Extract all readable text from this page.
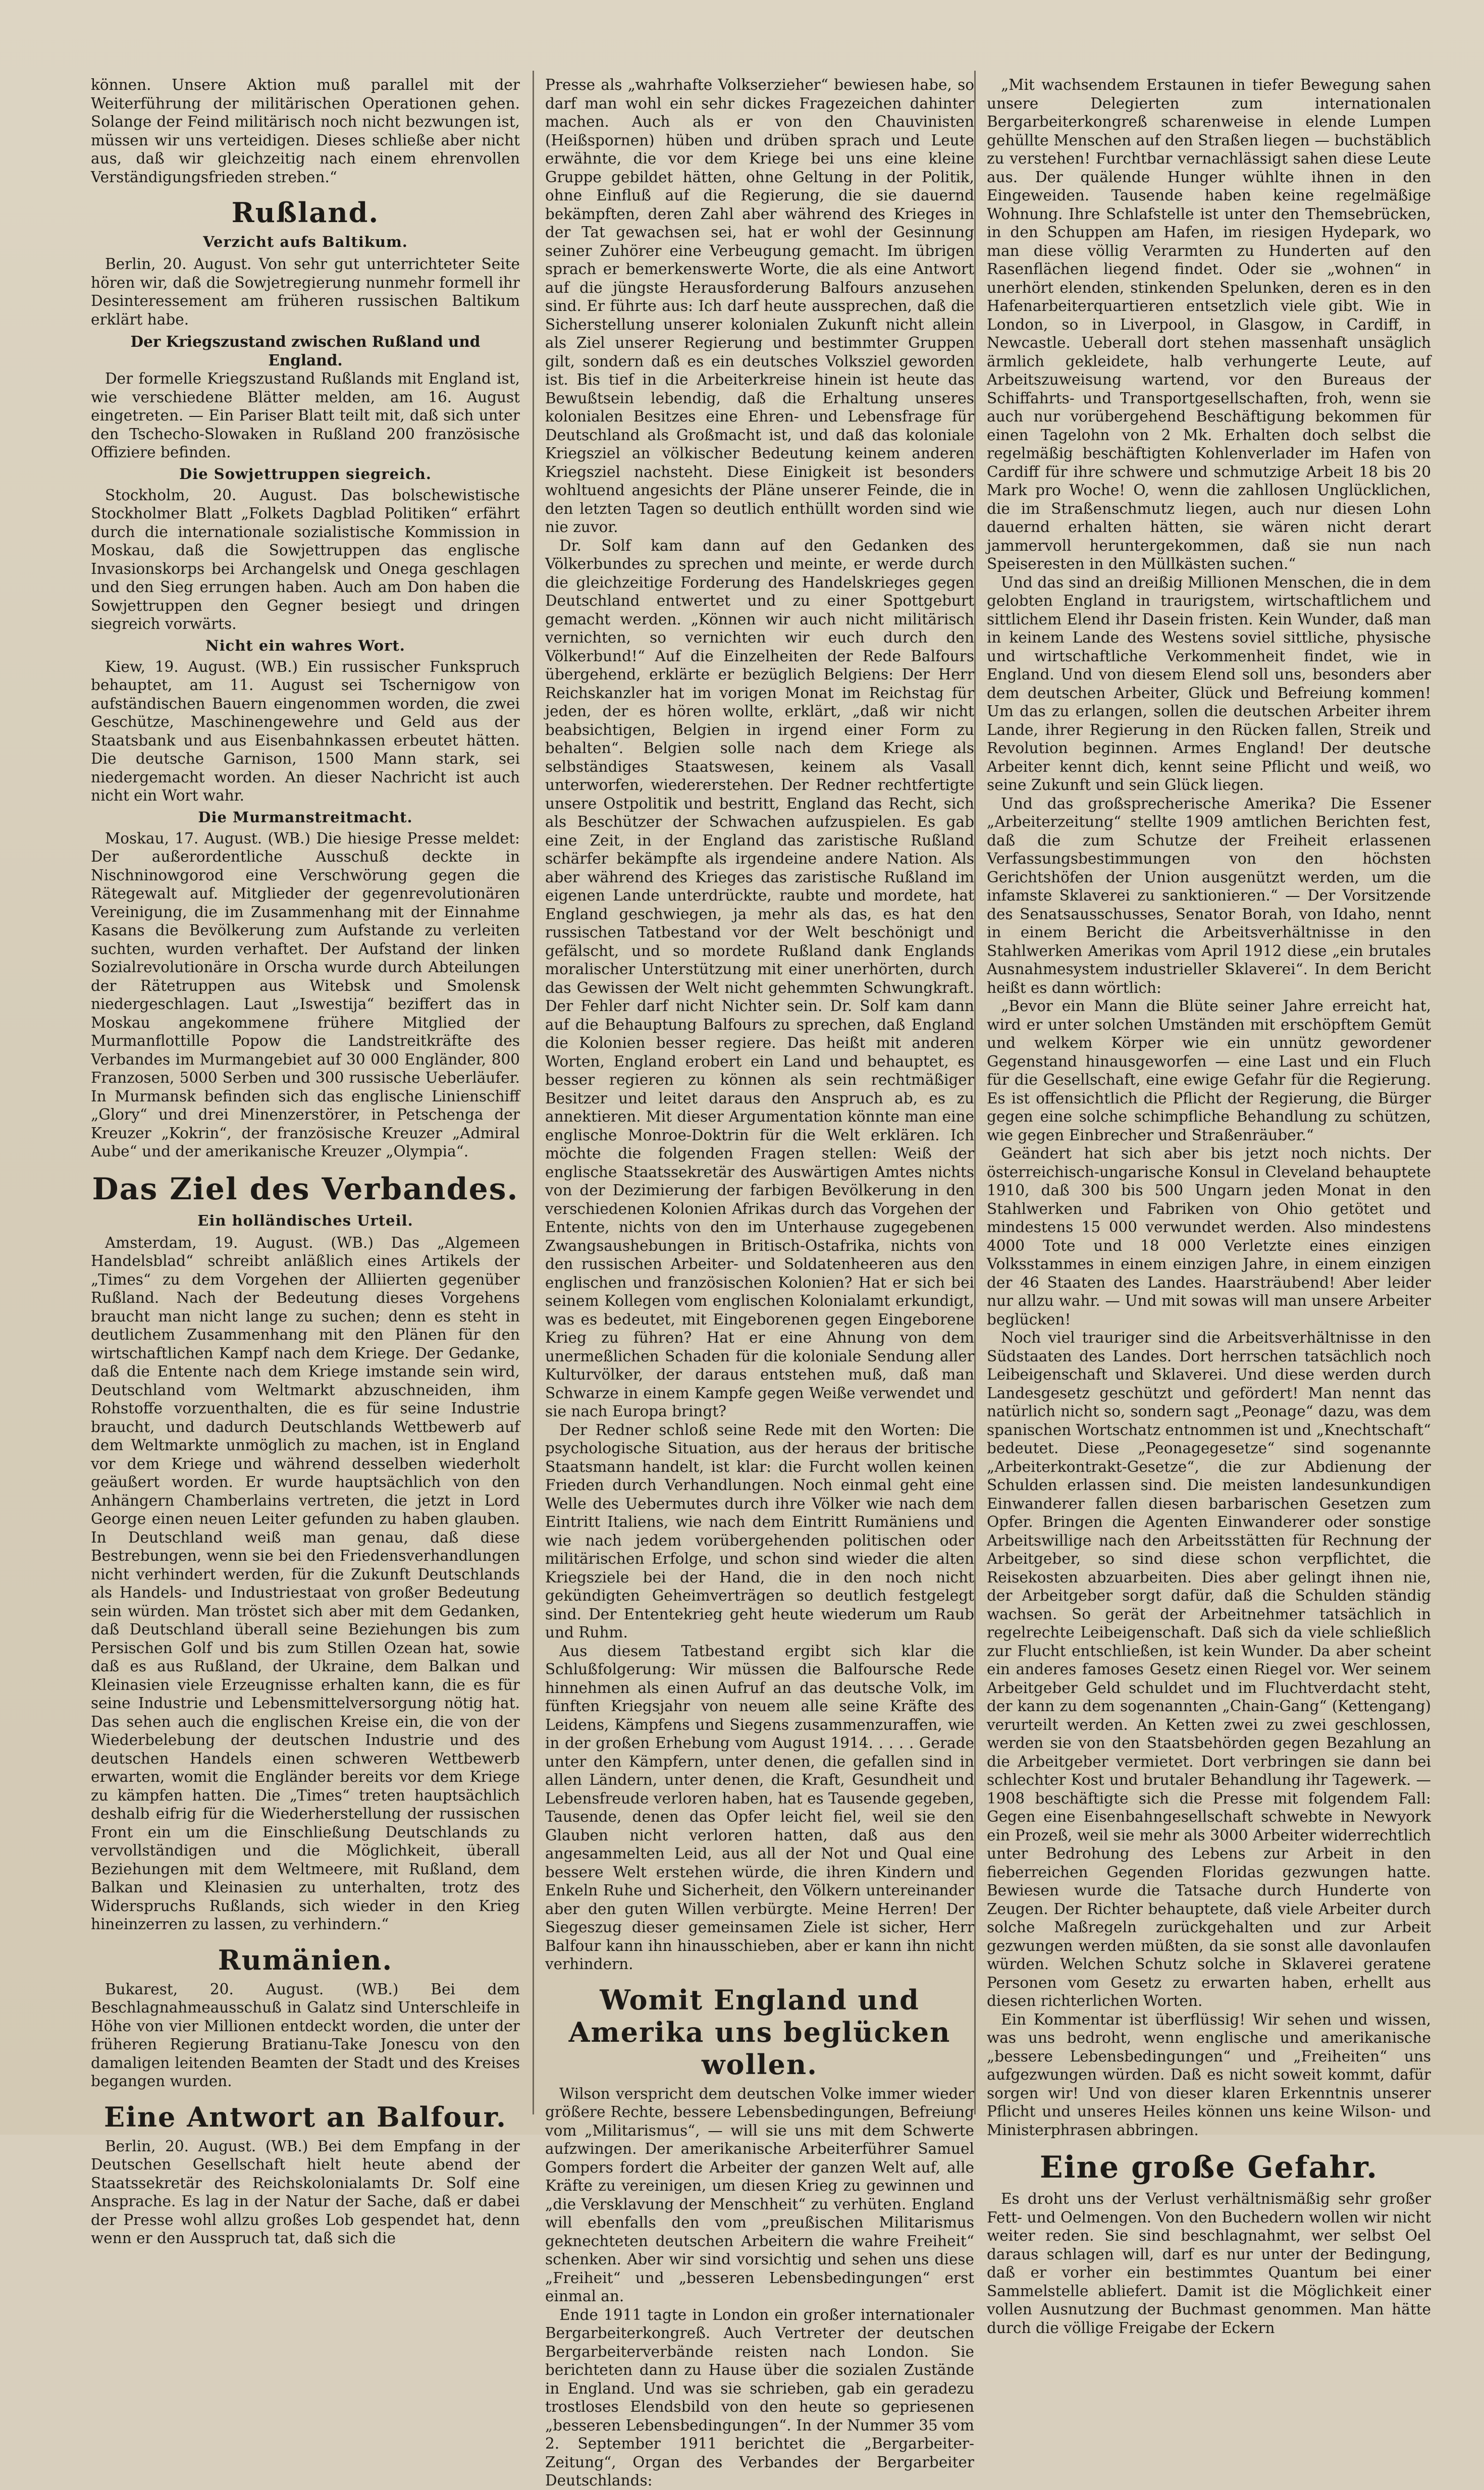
können. Unsere Aktion muß parallel mit der Weiterführung der militärischen Operationen gehen. Solange der Feind militärisch noch nicht bezwungen ist, müssen wir uns verteidigen. Dieses schließe aber nicht aus, daß wir gleichzeitig nach einem ehrenvollen Verständigungsfrieden streben.“

Rußland.
Verzicht aufs Baltikum.

Berlin, 20. August. Von sehr gut unterrichteter Seite hören wir, daß die Sowjetregierung nunmehr formell ihr Desinteressement am früheren russischen Baltikum erklärt habe.

Der Kriegszustand zwischen Rußland und England.

Der formelle Kriegszustand Rußlands mit England ist, wie verschiedene Blätter melden, am 16. August eingetreten. — Ein Pariser Blatt teilt mit, daß sich unter den Tschecho-Slowaken in Rußland 200 französische Offiziere befinden.

Die Sowjettruppen siegreich.

Stockholm, 20. August. Das bolschewistische Stockholmer Blatt „Folkets Dagblad Politiken“ erfährt durch die internationale sozialistische Kommission in Moskau, daß die Sowjettruppen das englische Invasionskorps bei Archangelsk und Onega geschlagen und den Sieg errungen haben. Auch am Don haben die Sowjettruppen den Gegner besiegt und dringen siegreich vorwärts.

Nicht ein wahres Wort.

Kiew, 19. August. (WB.) Ein russischer Funkspruch behauptet, am 11. August sei Tschernigow von aufständischen Bauern eingenommen worden, die zwei Geschütze, Maschinengewehre und Geld aus der Staatsbank und aus Eisenbahnkassen erbeutet hätten. Die deutsche Garnison, 1500 Mann stark, sei niedergemacht worden. An dieser Nachricht ist auch nicht ein Wort wahr.

Die Murmanstreitmacht.

Moskau, 17. August. (WB.) Die hiesige Presse meldet: Der außerordentliche Ausschuß deckte in Nischninowgorod eine Verschwörung gegen die Rätegewalt auf. Mitglieder der gegenrevolutionären Vereinigung, die im Zusammenhang mit der Einnahme Kasans die Bevölkerung zum Aufstande zu verleiten suchten, wurden verhaftet. Der Aufstand der linken Sozialrevolutionäre in Orscha wurde durch Abteilungen der Rätetruppen aus Witebsk und Smolensk niedergeschlagen. Laut „Iswestija“ beziffert das in Moskau angekommene frühere Mitglied der Murmanflottille Popow die Landstreitkräfte des Verbandes im Murmangebiet auf 30 000 Engländer, 800 Franzosen, 5000 Serben und 300 russische Ueberläufer. In Murmansk befinden sich das englische Linienschiff „Glory“ und drei Minenzerstörer, in Petschenga der Kreuzer „Kokrin“, der französische Kreuzer „Admiral Aube“ und der amerikanische Kreuzer „Olympia“.

Das Ziel des Verbandes.
Ein holländisches Urteil.

Amsterdam, 19. August. (WB.) Das „Algemeen Handelsblad“ schreibt anläßlich eines Artikels der „Times“ zu dem Vorgehen der Alliierten gegenüber Rußland. Nach der Bedeutung dieses Vorgehens braucht man nicht lange zu suchen; denn es steht in deutlichem Zusammenhang mit den Plänen für den wirtschaftlichen Kampf nach dem Kriege. Der Gedanke, daß die Entente nach dem Kriege imstande sein wird, Deutschland vom Weltmarkt abzuschneiden, ihm Rohstoffe vorzuenthalten, die es für seine Industrie braucht, und dadurch Deutschlands Wettbewerb auf dem Weltmarkte unmöglich zu machen, ist in England vor dem Kriege und während desselben wiederholt geäußert worden. Er wurde hauptsächlich von den Anhängern Chamberlains vertreten, die jetzt in Lord George einen neuen Leiter gefunden zu haben glauben. In Deutschland weiß man genau, daß diese Bestrebungen, wenn sie bei den Friedensverhandlungen nicht verhindert werden, für die Zukunft Deutschlands als Handels- und Industriestaat von großer Bedeutung sein würden. Man tröstet sich aber mit dem Gedanken, daß Deutschland überall seine Beziehungen bis zum Persischen Golf und bis zum Stillen Ozean hat, sowie daß es aus Rußland, der Ukraine, dem Balkan und Kleinasien viele Erzeugnisse erhalten kann, die es für seine Industrie und Lebensmittelversorgung nötig hat. Das sehen auch die englischen Kreise ein, die von der Wiederbelebung der deutschen Industrie und des deutschen Handels einen schweren Wettbewerb erwarten, womit die Engländer bereits vor dem Kriege zu kämpfen hatten. Die „Times“ treten hauptsächlich deshalb eifrig für die Wiederherstellung der russischen Front ein um die Einschließung Deutschlands zu vervollständigen und die Möglichkeit, überall Beziehungen mit dem Weltmeere, mit Rußland, dem Balkan und Kleinasien zu unterhalten, trotz des Widerspruchs Rußlands, sich wieder in den Krieg hineinzerren zu lassen, zu verhindern.“

Rumänien.

Bukarest, 20. August. (WB.) Bei dem Beschlagnahmeausschuß in Galatz sind Unterschleife in Höhe von vier Millionen entdeckt worden, die unter der früheren Regierung Bratianu-Take Jonescu von den damaligen leitenden Beamten der Stadt und des Kreises begangen wurden.

Eine Antwort an Balfour.

Berlin, 20. August. (WB.) Bei dem Empfang in der Deutschen Gesellschaft hielt heute abend der Staatssekretär des Reichskolonialamts Dr. Solf eine Ansprache. Es lag in der Natur der Sache, daß er dabei der Presse wohl allzu großes Lob gespendet hat, denn wenn er den Ausspruch tat, daß sich die

Presse als „wahrhafte Volkserzieher“ bewiesen habe, so darf man wohl ein sehr dickes Fragezeichen dahinter machen. Auch als er von den Chauvinisten (Heißspornen) hüben und drüben sprach und Leute erwähnte, die vor dem Kriege bei uns eine kleine Gruppe gebildet hätten, ohne Geltung in der Politik, ohne Einfluß auf die Regierung, die sie dauernd bekämpften, deren Zahl aber während des Krieges in der Tat gewachsen sei, hat er wohl der Gesinnung seiner Zuhörer eine Verbeugung gemacht. Im übrigen sprach er bemerkenswerte Worte, die als eine Antwort auf die jüngste Herausforderung Balfours anzusehen sind. Er führte aus: Ich darf heute aussprechen, daß die Sicherstellung unserer kolonialen Zukunft nicht allein als Ziel unserer Regierung und bestimmter Gruppen gilt, sondern daß es ein deutsches Volksziel geworden ist. Bis tief in die Arbeiterkreise hinein ist heute das Bewußtsein lebendig, daß die Erhaltung unseres kolonialen Besitzes eine Ehren- und Lebensfrage für Deutschland als Großmacht ist, und daß das koloniale Kriegsziel an völkischer Bedeutung keinem anderen Kriegsziel nachsteht. Diese Einigkeit ist besonders wohltuend angesichts der Pläne unserer Feinde, die in den letzten Tagen so deutlich enthüllt worden sind wie nie zuvor.

Dr. Solf kam dann auf den Gedanken des Völkerbundes zu sprechen und meinte, er werde durch die gleichzeitige Forderung des Handelskrieges gegen Deutschland entwertet und zu einer Spottgeburt gemacht werden. „Können wir auch nicht militärisch vernichten, so vernichten wir euch durch den Völkerbund!“ Auf die Einzelheiten der Rede Balfours übergehend, erklärte er bezüglich Belgiens: Der Herr Reichskanzler hat im vorigen Monat im Reichstag für jeden, der es hören wollte, erklärt, „daß wir nicht beabsichtigen, Belgien in irgend einer Form zu behalten“. Belgien solle nach dem Kriege als selbständiges Staatswesen, keinem als Vasall unterworfen, wiedererstehen. Der Redner rechtfertigte unsere Ostpolitik und bestritt, England das Recht, sich als Beschützer der Schwachen aufzuspielen. Es gab eine Zeit, in der England das zaristische Rußland schärfer bekämpfte als irgendeine andere Nation. Als aber während des Krieges das zaristische Rußland im eigenen Lande unterdrückte, raubte und mordete, hat England geschwiegen, ja mehr als das, es hat den russischen Tatbestand vor der Welt beschönigt und gefälscht, und so mordete Rußland dank Englands moralischer Unterstützung mit einer unerhörten, durch das Gewissen der Welt nicht gehemmten Schwungkraft. Der Fehler darf nicht Nichter sein. Dr. Solf kam dann auf die Behauptung Balfours zu sprechen, daß England die Kolonien besser regiere. Das heißt mit anderen Worten, England erobert ein Land und behauptet, es besser regieren zu können als sein rechtmäßiger Besitzer und leitet daraus den Anspruch ab, es zu annektieren. Mit dieser Argumentation könnte man eine englische Monroe-Doktrin für die Welt erklären. Ich möchte die folgenden Fragen stellen: Weiß der englische Staatssekretär des Auswärtigen Amtes nichts von der Dezimierung der farbigen Bevölkerung in den verschiedenen Kolonien Afrikas durch das Vorgehen der Entente, nichts von den im Unterhause zugegebenen Zwangsaushebungen in Britisch-Ostafrika, nichts von den russischen Arbeiter- und Soldatenheeren aus den englischen und französischen Kolonien? Hat er sich bei seinem Kollegen vom englischen Kolonialamt erkundigt, was es bedeutet, mit Eingeborenen gegen Eingeborene Krieg zu führen? Hat er eine Ahnung von dem unermeßlichen Schaden für die koloniale Sendung aller Kulturvölker, der daraus entstehen muß, daß man Schwarze in einem Kampfe gegen Weiße verwendet und sie nach Europa bringt?

Der Redner schloß seine Rede mit den Worten: Die psychologische Situation, aus der heraus der britische Staatsmann handelt, ist klar: die Furcht wollen keinen Frieden durch Verhandlungen. Noch einmal geht eine Welle des Uebermutes durch ihre Völker wie nach dem Eintritt Italiens, wie nach dem Eintritt Rumäniens und wie nach jedem vorübergehenden politischen oder militärischen Erfolge, und schon sind wieder die alten Kriegsziele bei der Hand, die in den noch nicht gekündigten Geheimverträgen so deutlich festgelegt sind. Der Ententekrieg geht heute wiederum um Raub und Ruhm.

Aus diesem Tatbestand ergibt sich klar die Schlußfolgerung: Wir müssen die Balfoursche Rede hinnehmen als einen Aufruf an das deutsche Volk, im fünften Kriegsjahr von neuem alle seine Kräfte des Leidens, Kämpfens und Siegens zusammenzuraffen, wie in der großen Erhebung vom August 1914. . . . . Gerade unter den Kämpfern, unter denen, die gefallen sind in allen Ländern, unter denen, die Kraft, Gesundheit und Lebensfreude verloren haben, hat es Tausende gegeben, Tausende, denen das Opfer leicht fiel, weil sie den Glauben nicht verloren hatten, daß aus den angesammelten Leid, aus all der Not und Qual eine bessere Welt erstehen würde, die ihren Kindern und Enkeln Ruhe und Sicherheit, den Völkern untereinander aber den guten Willen verbürgte. Meine Herren! Der Siegeszug dieser gemeinsamen Ziele ist sicher, Herr Balfour kann ihn hinausschieben, aber er kann ihn nicht verhindern.

Womit England und Amerika uns beglücken wollen.

Wilson verspricht dem deutschen Volke immer wieder größere Rechte, bessere Lebensbedingungen, Befreiung vom „Militarismus“, — will sie uns mit dem Schwerte aufzwingen. Der amerikanische Arbeiterführer Samuel Gompers fordert die Arbeiter der ganzen Welt auf, alle Kräfte zu vereinigen, um diesen Krieg zu gewinnen und „die Versklavung der Menschheit“ zu verhüten. England will ebenfalls den vom „preußischen Militarismus geknechteten deutschen Arbeitern die wahre Freiheit“ schenken. Aber wir sind vorsichtig und sehen uns diese „Freiheit“ und „besseren Lebensbedingungen“ erst einmal an.

Ende 1911 tagte in London ein großer internationaler Bergarbeiterkongreß. Auch Vertreter der deutschen Bergarbeiterverbände reisten nach London. Sie berichteten dann zu Hause über die sozialen Zustände in England. Und was sie schrieben, gab ein geradezu trostloses Elendsbild von den heute so gepriesenen „besseren Lebensbedingungen“. In der Nummer 35 vom 2. September 1911 berichtet die „Bergarbeiter-Zeitung“, Organ des Verbandes der Bergarbeiter Deutschlands:

„Mit wachsendem Erstaunen in tiefer Bewegung sahen unsere Delegierten zum internationalen Bergarbeiterkongreß scharenweise in elende Lumpen gehüllte Menschen auf den Straßen liegen — buchstäblich zu verstehen! Furchtbar vernachlässigt sahen diese Leute aus. Der quälende Hunger wühlte ihnen in den Eingeweiden. Tausende haben keine regelmäßige Wohnung. Ihre Schlafstelle ist unter den Themsebrücken, in den Schuppen am Hafen, im riesigen Hydepark, wo man diese völlig Verarmten zu Hunderten auf den Rasenflächen liegend findet. Oder sie „wohnen“ in unerhört elenden, stinkenden Spelunken, deren es in den Hafenarbeiterquartieren entsetzlich viele gibt. Wie in London, so in Liverpool, in Glasgow, in Cardiff, in Newcastle. Ueberall dort stehen massenhaft unsäglich ärmlich gekleidete, halb verhungerte Leute, auf Arbeitszuweisung wartend, vor den Bureaus der Schiffahrts- und Transportgesellschaften, froh, wenn sie auch nur vorübergehend Beschäftigung bekommen für einen Tagelohn von 2 Mk. Erhalten doch selbst die regelmäßig beschäftigten Kohlenverlader im Hafen von Cardiff für ihre schwere und schmutzige Arbeit 18 bis 20 Mark pro Woche! O, wenn die zahllosen Unglücklichen, die im Straßenschmutz liegen, auch nur diesen Lohn dauernd erhalten hätten, sie wären nicht derart jammervoll heruntergekommen, daß sie nun nach Speiseresten in den Müllkästen suchen.“

Und das sind an dreißig Millionen Menschen, die in dem gelobten England in traurigstem, wirtschaftlichem und sittlichem Elend ihr Dasein fristen. Kein Wunder, daß man in keinem Lande des Westens soviel sittliche, physische und wirtschaftliche Verkommenheit findet, wie in England. Und von diesem Elend soll uns, besonders aber dem deutschen Arbeiter, Glück und Befreiung kommen! Um das zu erlangen, sollen die deutschen Arbeiter ihrem Lande, ihrer Regierung in den Rücken fallen, Streik und Revolution beginnen. Armes England! Der deutsche Arbeiter kennt dich, kennt seine Pflicht und weiß, wo seine Zukunft und sein Glück liegen.

Und das großsprecherische Amerika? Die Essener „Arbeiterzeitung“ stellte 1909 amtlichen Berichten fest, daß die zum Schutze der Freiheit erlassenen Verfassungsbestimmungen von den höchsten Gerichtshöfen der Union ausgenützt werden, um die infamste Sklaverei zu sanktionieren.“ — Der Vorsitzende des Senatsausschusses, Senator Borah, von Idaho, nennt in einem Bericht die Arbeitsverhältnisse in den Stahlwerken Amerikas vom April 1912 diese „ein brutales Ausnahmesystem industrieller Sklaverei“. In dem Bericht heißt es dann wörtlich:

„Bevor ein Mann die Blüte seiner Jahre erreicht hat, wird er unter solchen Umständen mit erschöpftem Gemüt und welkem Körper wie ein unnütz gewordener Gegenstand hinausgeworfen — eine Last und ein Fluch für die Gesellschaft, eine ewige Gefahr für die Regierung. Es ist offensichtlich die Pflicht der Regierung, die Bürger gegen eine solche schimpfliche Behandlung zu schützen, wie gegen Einbrecher und Straßenräuber.“

Geändert hat sich aber bis jetzt noch nichts. Der österreichisch-ungarische Konsul in Cleveland behauptete 1910, daß 300 bis 500 Ungarn jeden Monat in den Stahlwerken und Fabriken von Ohio getötet und mindestens 15 000 verwundet werden. Also mindestens 4000 Tote und 18 000 Verletzte eines einzigen Volksstammes in einem einzigen Jahre, in einem einzigen der 46 Staaten des Landes. Haarsträubend! Aber leider nur allzu wahr. — Und mit sowas will man unsere Arbeiter beglücken!

Noch viel trauriger sind die Arbeitsverhältnisse in den Südstaaten des Landes. Dort herrschen tatsächlich noch Leibeigenschaft und Sklaverei. Und diese werden durch Landesgesetz geschützt und gefördert! Man nennt das natürlich nicht so, sondern sagt „Peonage“ dazu, was dem spanischen Wortschatz entnommen ist und „Knechtschaft“ bedeutet. Diese „Peonagegesetze“ sind sogenannte „Arbeiterkontrakt-Gesetze“, die zur Abdienung der Schulden erlassen sind. Die meisten landesunkundigen Einwanderer fallen diesen barbarischen Gesetzen zum Opfer. Bringen die Agenten Einwanderer oder sonstige Arbeitswillige nach den Arbeitsstätten für Rechnung der Arbeitgeber, so sind diese schon verpflichtet, die Reisekosten abzuarbeiten. Dies aber gelingt ihnen nie, der Arbeitgeber sorgt dafür, daß die Schulden ständig wachsen. So gerät der Arbeitnehmer tatsächlich in regelrechte Leibeigenschaft. Daß sich da viele schließlich zur Flucht entschließen, ist kein Wunder. Da aber scheint ein anderes famoses Gesetz einen Riegel vor. Wer seinem Arbeitgeber Geld schuldet und im Fluchtverdacht steht, der kann zu dem sogenannten „Chain-Gang“ (Kettengang) verurteilt werden. An Ketten zwei zu zwei geschlossen, werden sie von den Staatsbehörden gegen Bezahlung an die Arbeitgeber vermietet. Dort verbringen sie dann bei schlechter Kost und brutaler Behandlung ihr Tagewerk. — 1908 beschäftigte sich die Presse mit folgendem Fall: Gegen eine Eisenbahngesellschaft schwebte in Newyork ein Prozeß, weil sie mehr als 3000 Arbeiter widerrechtlich unter Bedrohung des Lebens zur Arbeit in den fieberreichen Gegenden Floridas gezwungen hatte. Bewiesen wurde die Tatsache durch Hunderte von Zeugen. Der Richter behauptete, daß viele Arbeiter durch solche Maßregeln zurückgehalten und zur Arbeit gezwungen werden müßten, da sie sonst alle davonlaufen würden. Welchen Schutz solche in Sklaverei geratene Personen vom Gesetz zu erwarten haben, erhellt aus diesen richterlichen Worten.

Ein Kommentar ist überflüssig! Wir sehen und wissen, was uns bedroht, wenn englische und amerikanische „bessere Lebensbedingungen“ und „Freiheiten“ uns aufgezwungen würden. Daß es nicht soweit kommt, dafür sorgen wir! Und von dieser klaren Erkenntnis unserer Pflicht und unseres Heiles können uns keine Wilson- und Ministerphrasen abbringen.

Eine große Gefahr.

Es droht uns der Verlust verhältnismäßig sehr großer Fett- und Oelmengen. Von den Buchedern wollen wir nicht weiter reden. Sie sind beschlagnahmt, wer selbst Oel daraus schlagen will, darf es nur unter der Bedingung, daß er vorher ein bestimmtes Quantum bei einer Sammelstelle abliefert. Damit ist die Möglichkeit einer vollen Ausnutzung der Buchmast genommen. Man hätte durch die völlige Freigabe der Eckern
